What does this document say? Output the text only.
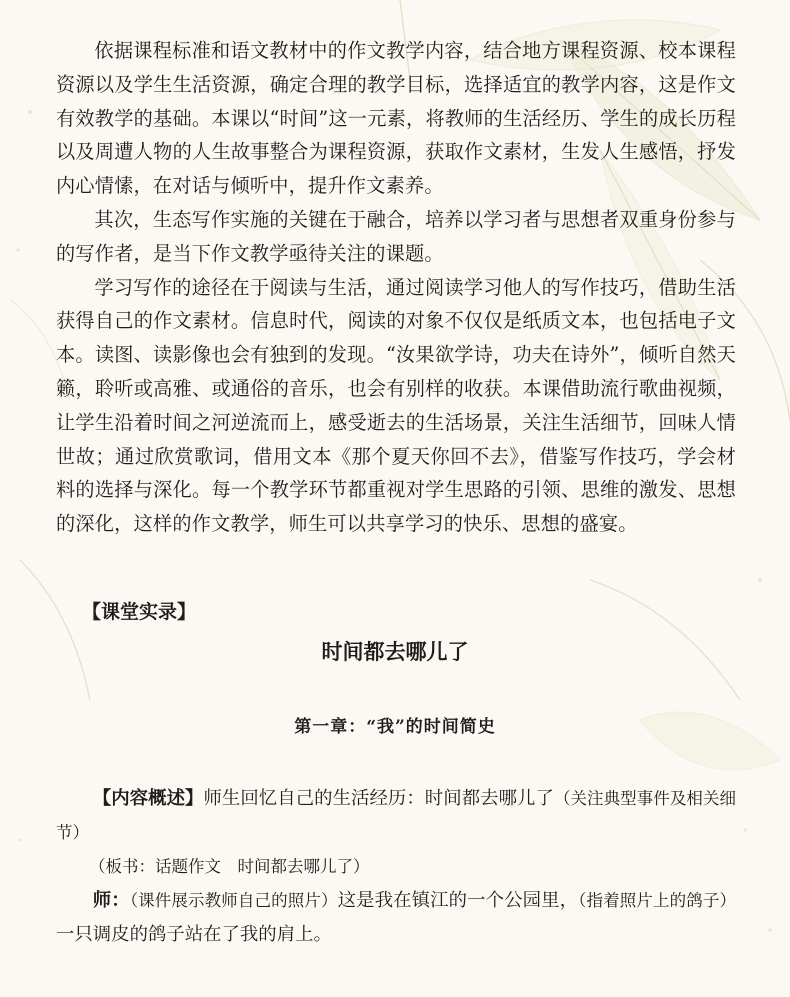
依据课程标准和语文教材中的作文教学内容，结合地方课程资源、校本课程资源以及学生生活资源，确定合理的教学目标，选择适宜的教学内容，这是作文有效教学的基础。本课以“时间”这一元素，将教师的生活经历、学生的成长历程以及周遭人物的人生故事整合为课程资源，获取作文素材，生发人生感悟，抒发内心情愫，在对话与倾听中，提升作文素养。

其次，生态写作实施的关键在于融合，培养以学习者与思想者双重身份参与的写作者，是当下作文教学亟待关注的课题。

学习写作的途径在于阅读与生活，通过阅读学习他人的写作技巧，借助生活获得自己的作文素材。信息时代，阅读的对象不仅仅是纸质文本，也包括电子文本。读图、读影像也会有独到的发现。“汝果欲学诗，功夫在诗外”，倾听自然天籁，聆听或高雅、或通俗的音乐，也会有别样的收获。本课借助流行歌曲视频，让学生沿着时间之河逆流而上，感受逝去的生活场景，关注生活细节，回味人情世故；通过欣赏歌词，借用文本《那个夏天你回不去》，借鉴写作技巧，学会材料的选择与深化。每一个教学环节都重视对学生思路的引领、思维的激发、思想的深化，这样的作文教学，师生可以共享学习的快乐、思想的盛宴。

【课堂实录】
时间都去哪儿了
第一章：“我”的时间简史

【内容概述】师生回忆自己的生活经历：时间都去哪儿了（关注典型事件及相关细节）

（板书：话题作文　时间都去哪儿了）

师：（课件展示教师自己的照片）这是我在镇江的一个公园里，（指着照片上的鸽子）一只调皮的鸽子站在了我的肩上。
